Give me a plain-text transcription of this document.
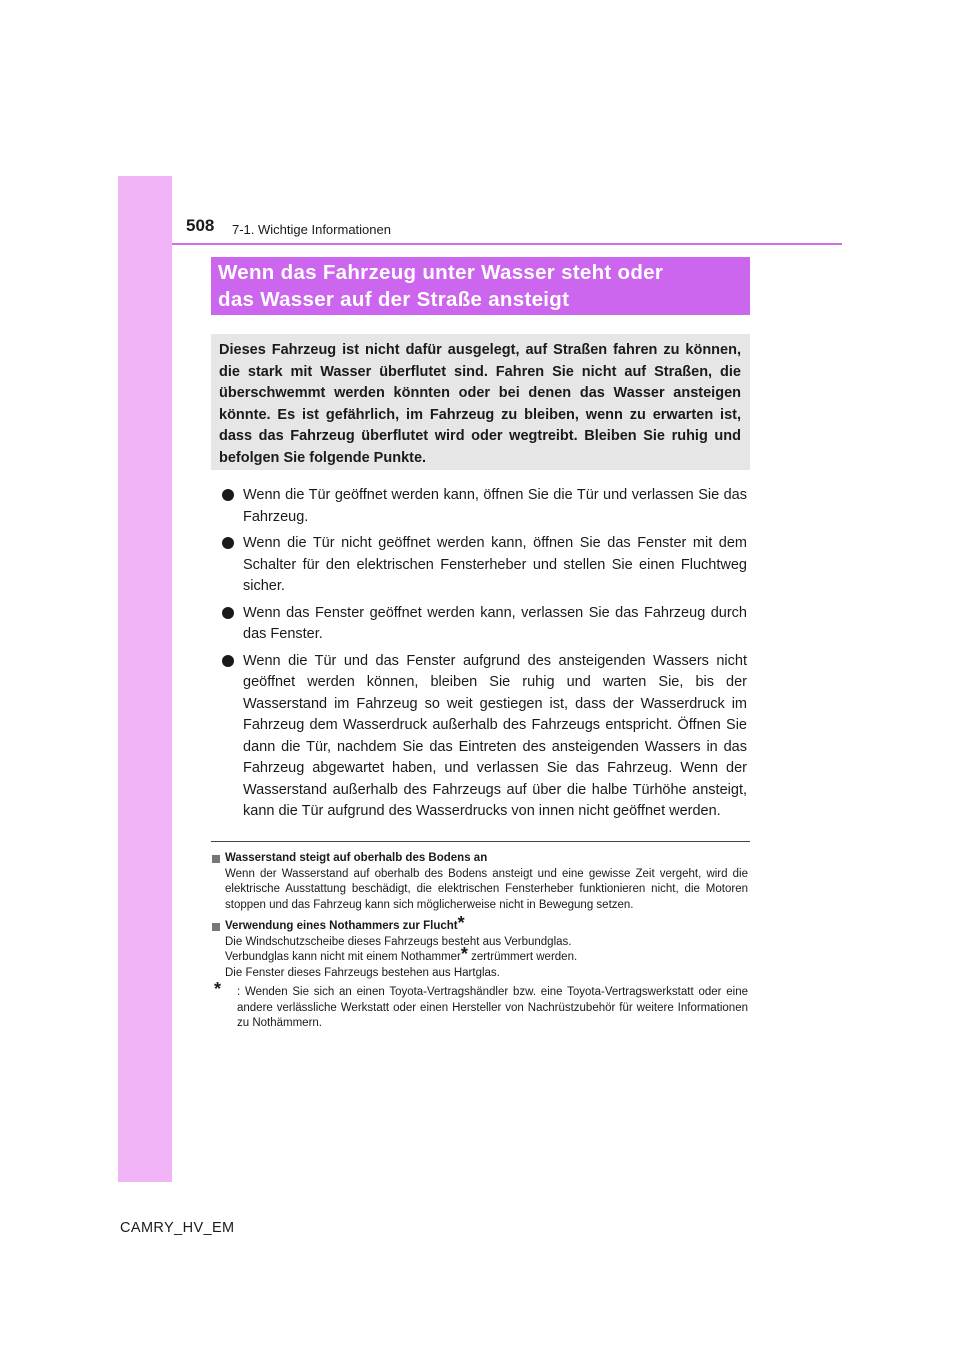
508 7-1. Wichtige Informationen
Wenn das Fahrzeug unter Wasser steht oder
das Wasser auf der Straße ansteigt
Dieses Fahrzeug ist nicht dafür ausgelegt, auf Straßen fahren zu können, die stark mit Wasser überflutet sind. Fahren Sie nicht auf Straßen, die überschwemmt werden könnten oder bei denen das Wasser ansteigen könnte. Es ist gefährlich, im Fahrzeug zu bleiben, wenn zu erwarten ist, dass das Fahrzeug überflutet wird oder wegtreibt. Bleiben Sie ruhig und befolgen Sie folgende Punkte.
Wenn die Tür geöffnet werden kann, öffnen Sie die Tür und verlassen Sie das Fahrzeug.
Wenn die Tür nicht geöffnet werden kann, öffnen Sie das Fenster mit dem Schalter für den elektrischen Fensterheber und stellen Sie einen Fluchtweg sicher.
Wenn das Fenster geöffnet werden kann, verlassen Sie das Fahrzeug durch das Fenster.
Wenn die Tür und das Fenster aufgrund des ansteigenden Wassers nicht geöffnet werden können, bleiben Sie ruhig und warten Sie, bis der Wasserstand im Fahrzeug so weit gestiegen ist, dass der Wasserdruck im Fahrzeug dem Wasserdruck außerhalb des Fahrzeugs entspricht. Öffnen Sie dann die Tür, nachdem Sie das Eintreten des ansteigenden Wassers in das Fahrzeug abgewartet haben, und verlassen Sie das Fahrzeug. Wenn der Wasserstand außerhalb des Fahrzeugs auf über die halbe Türhöhe ansteigt, kann die Tür aufgrund des Wasserdrucks von innen nicht geöffnet werden.
Wasserstand steigt auf oberhalb des Bodens an
Wenn der Wasserstand auf oberhalb des Bodens ansteigt und eine gewisse Zeit vergeht, wird die elektrische Ausstattung beschädigt, die elektrischen Fensterheber funktionieren nicht, die Motoren stoppen und das Fahrzeug kann sich möglicherweise nicht in Bewegung setzen.
Verwendung eines Nothammers zur Flucht*
Die Windschutzscheibe dieses Fahrzeugs besteht aus Verbundglas.
Verbundglas kann nicht mit einem Nothammer* zertrümmert werden.
Die Fenster dieses Fahrzeugs bestehen aus Hartglas.
* : Wenden Sie sich an einen Toyota-Vertragshändler bzw. eine Toyota-Vertragswerkstatt oder eine andere verlässliche Werkstatt oder einen Hersteller von Nachrüstzubehör für weitere Informationen zu Nothämmern.
CAMRY_HV_EM
